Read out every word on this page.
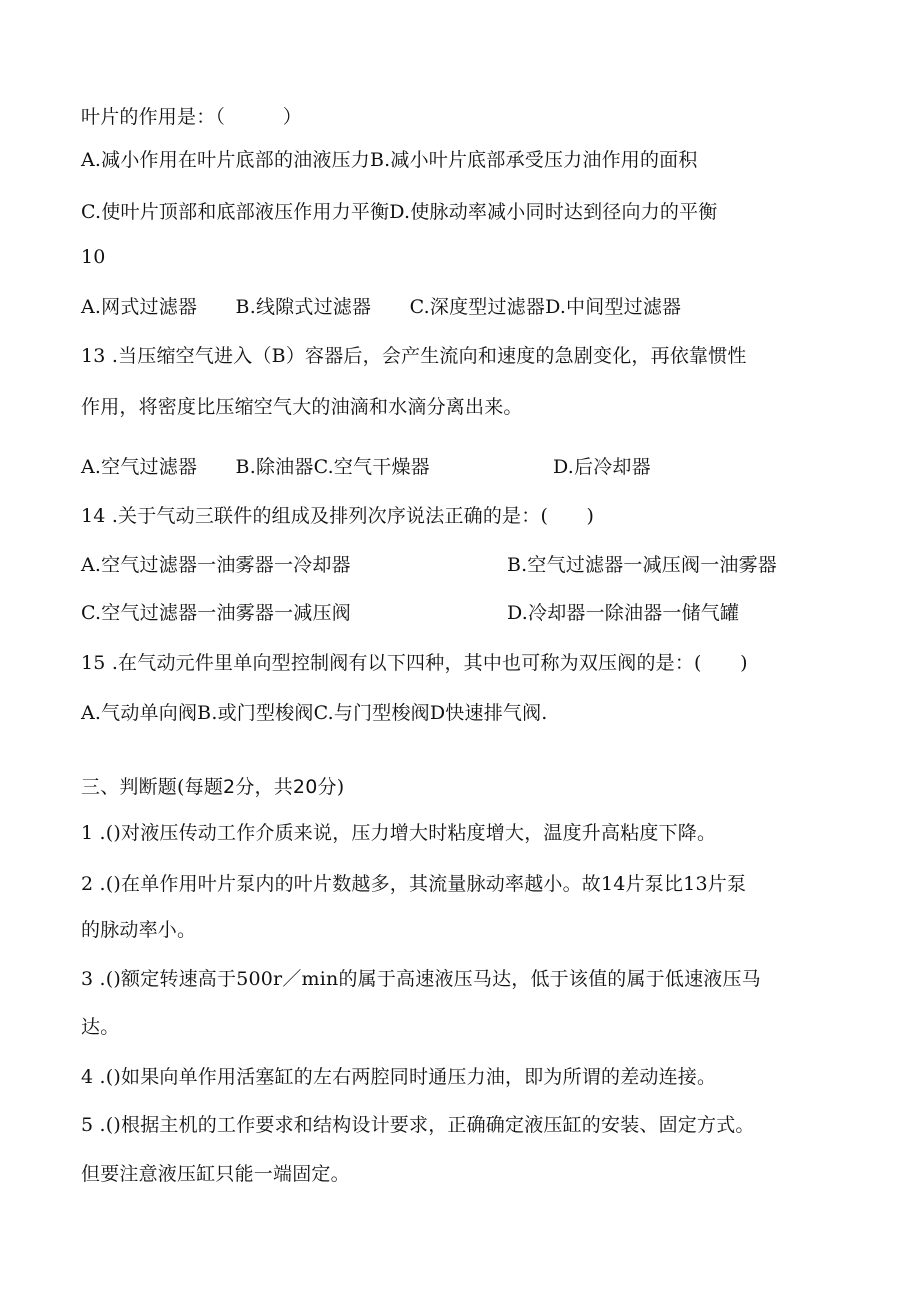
叶片的作用是：（　　　）
A.减小作用在叶片底部的油液压力B.减小叶片底部承受压力油作用的面积
C.使叶片顶部和底部液压作用力平衡D.使脉动率减小同时达到径向力的平衡
10
A.网式过滤器　　B.线隙式过滤器　　C.深度型过滤器D.中间型过滤器
13 .当压缩空气进入（B）容器后，会产生流向和速度的急剧变化，再依靠惯性
作用，将密度比压缩空气大的油滴和水滴分离出来。
A.空气过滤器　　B.除油器C.空气干燥器	D.后冷却器
14 .关于气动三联件的组成及排列次序说法正确的是：(　　)
A.空气过滤器一油雾器一冷却器	B.空气过滤器一减压阀一油雾器
C.空气过滤器一油雾器一减压阀	D.冷却器一除油器一储气罐
15 .在气动元件里单向型控制阀有以下四种，其中也可称为双压阀的是：(　　)
A.气动单向阀B.或门型梭阀C.与门型梭阀D快速排气阀.
三、判断题(每题2分，共20分)
1 .()对液压传动工作介质来说，压力增大时粘度增大，温度升高粘度下降。
2 .()在单作用叶片泵内的叶片数越多，其流量脉动率越小。故14片泵比13片泵
的脉动率小。
3 .()额定转速高于500r／min的属于高速液压马达，低于该值的属于低速液压马
达。
4 .()如果向单作用活塞缸的左右两腔同时通压力油，即为所谓的差动连接。
5 .()根据主机的工作要求和结构设计要求，正确确定液压缸的安装、固定方式。
但要注意液压缸只能一端固定。
